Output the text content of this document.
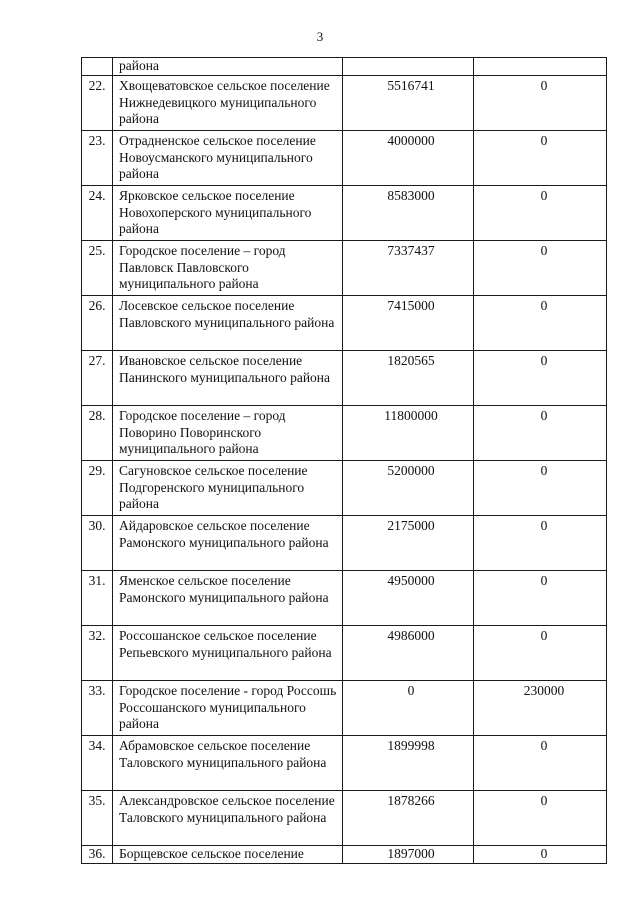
3
	района		
22.	Хвощеватовское сельское поселение Нижнедевицкого муниципального района	5516741	0
23.	Отрадненское сельское поселение Новоусманского муниципального района	4000000	0
24.	Ярковское сельское поселение Новохоперского муниципального района	8583000	0
25.	Городское поселение – город Павловск Павловского муниципального района	7337437	0
26.	Лосевское сельское поселение Павловского муниципального района	7415000	0
27.	Ивановское сельское поселение Панинского муниципального района	1820565	0
28.	Городское поселение – город Поворино Поворинского муниципального района	11800000	0
29.	Сагуновское сельское поселение Подгоренского муниципального района	5200000	0
30.	Айдаровское сельское поселение Рамонского муниципального района	2175000	0
31.	Яменское сельское поселение Рамонского муниципального района	4950000	0
32.	Россошанское сельское поселение Репьевского муниципального района	4986000	0
33.	Городское поселение - город Россошь Россошанского муниципального района	0	230000
34.	Абрамовское сельское поселение Таловского муниципального района	1899998	0
35.	Александровское сельское поселение Таловского муниципального района	1878266	0
36.	Борщевское сельское поселение	1897000	0
